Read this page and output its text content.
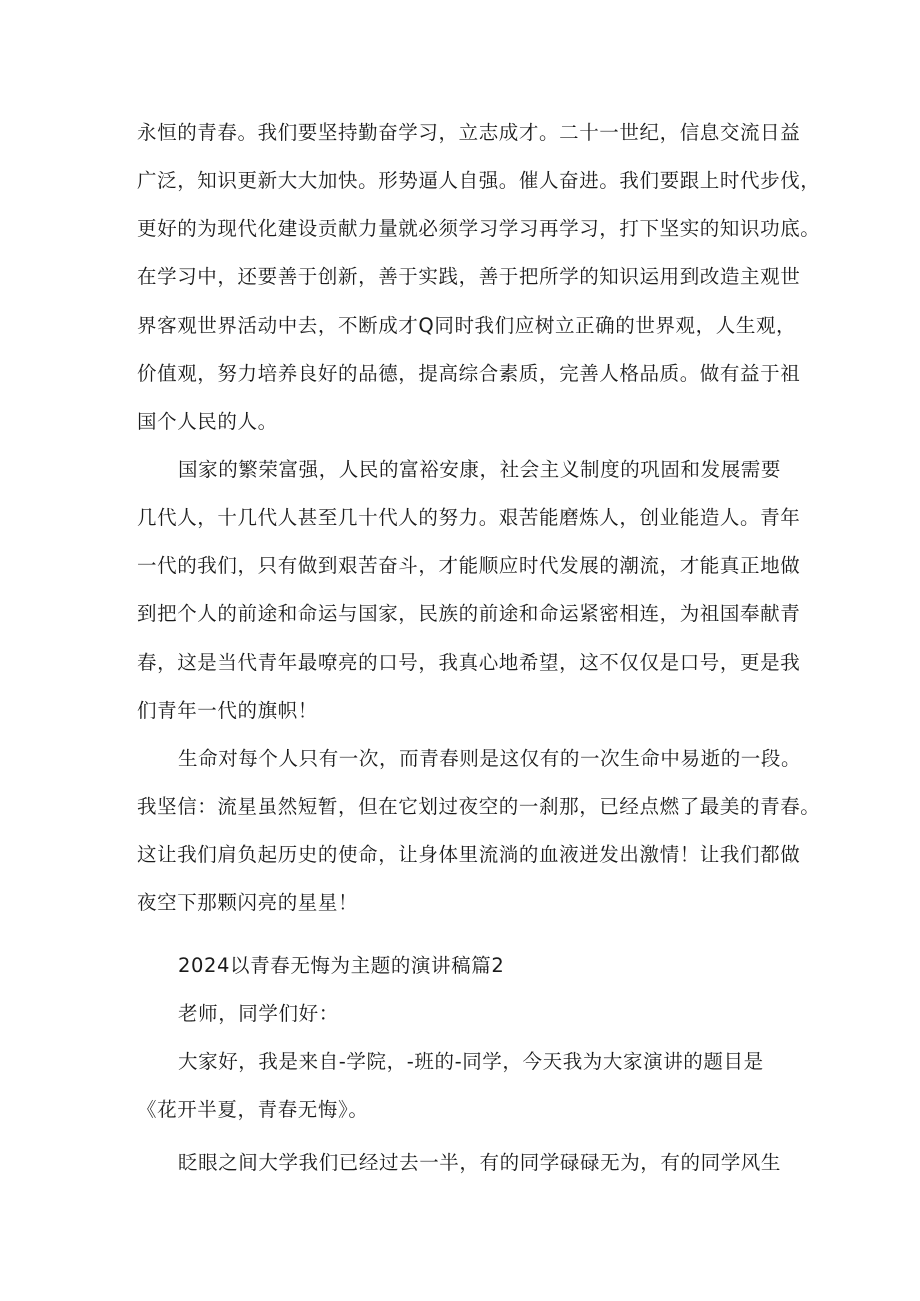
永恒的青春。我们要坚持勤奋学习，立志成才。二十一世纪，信息交流日益
广泛，知识更新大大加快。形势逼人自强。催人奋进。我们要跟上时代步伐，
更好的为现代化建设贡献力量就必须学习学习再学习，打下坚实的知识功底。
在学习中，还要善于创新，善于实践，善于把所学的知识运用到改造主观世
界客观世界活动中去，不断成才Q同时我们应树立正确的世界观，人生观，
价值观，努力培养良好的品德，提高综合素质，完善人格品质。做有益于祖
国个人民的人。
国家的繁荣富强，人民的富裕安康，社会主义制度的巩固和发展需要
几代人，十几代人甚至几十代人的努力。艰苦能磨炼人，创业能造人。青年
一代的我们，只有做到艰苦奋斗，才能顺应时代发展的潮流，才能真正地做
到把个人的前途和命运与国家，民族的前途和命运紧密相连，为祖国奉献青
春，这是当代青年最嘹亮的口号，我真心地希望，这不仅仅是口号，更是我
们青年一代的旗帜！
生命对每个人只有一次，而青春则是这仅有的一次生命中易逝的一段。
我坚信：流星虽然短暂，但在它划过夜空的一刹那，已经点燃了最美的青春。
这让我们肩负起历史的使命，让身体里流淌的血液迸发出激情！让我们都做
夜空下那颗闪亮的星星！
2024以青春无悔为主题的演讲稿篇2
老师，同学们好：
大家好，我是来自-学院，-班的-同学，今天我为大家演讲的题目是
《花开半夏，青春无悔》。
眨眼之间大学我们已经过去一半，有的同学碌碌无为，有的同学风生
